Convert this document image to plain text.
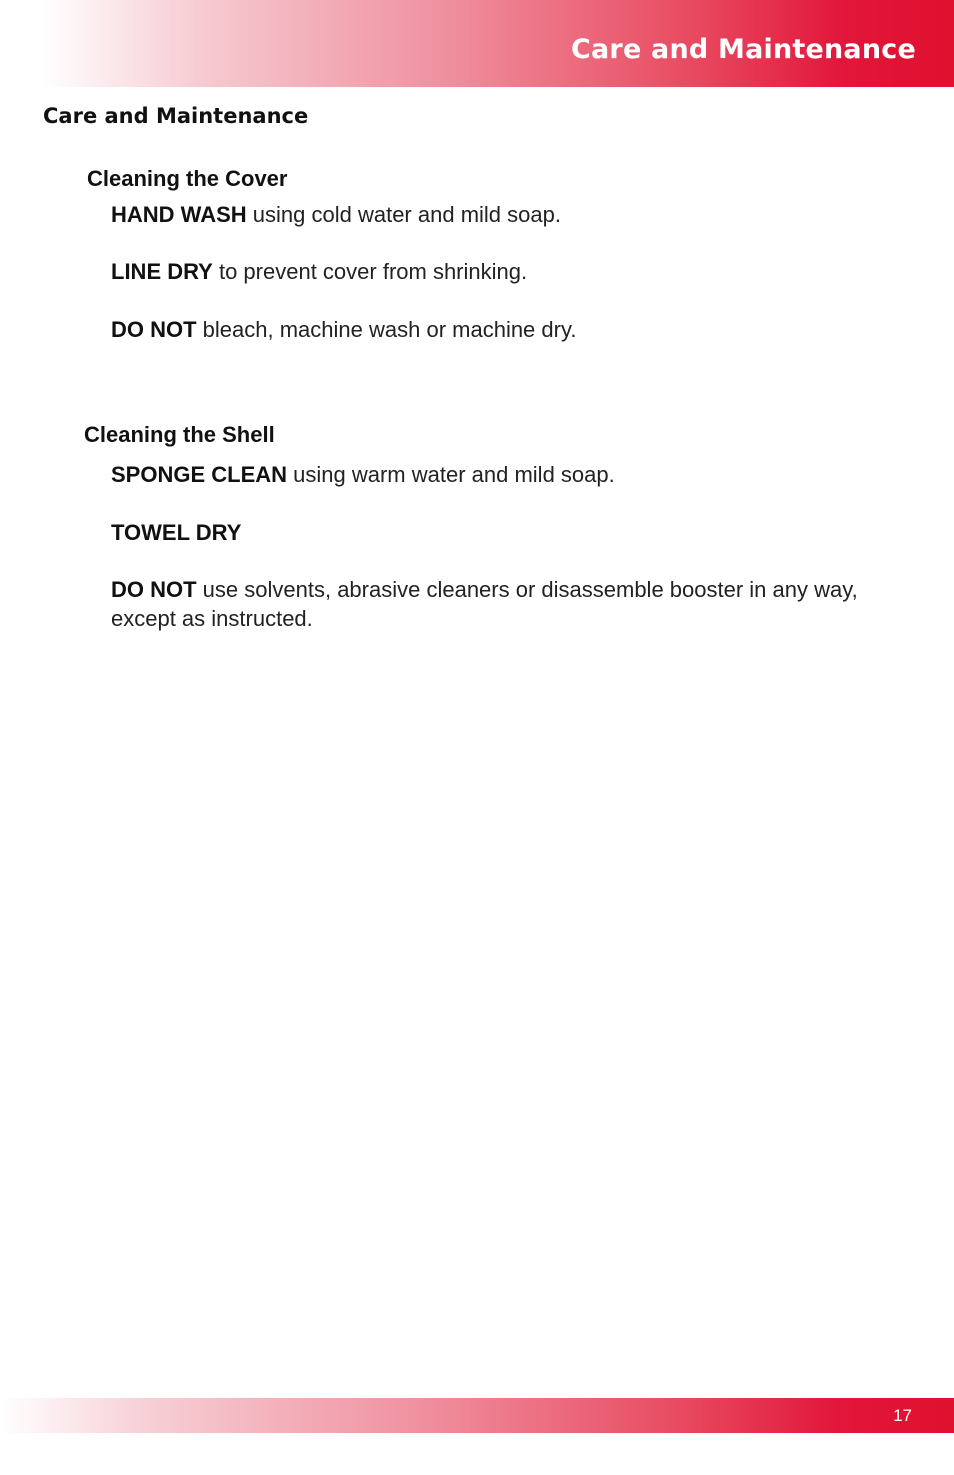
Care and Maintenance
Care and Maintenance
Cleaning the Cover
HAND WASH using cold water and mild soap.
LINE DRY to prevent cover from shrinking.
DO NOT bleach, machine wash or machine dry.
Cleaning the Shell
SPONGE CLEAN using warm water and mild soap.
TOWEL DRY
DO NOT use solvents, abrasive cleaners or disassemble booster in any way, except as instructed.
17
